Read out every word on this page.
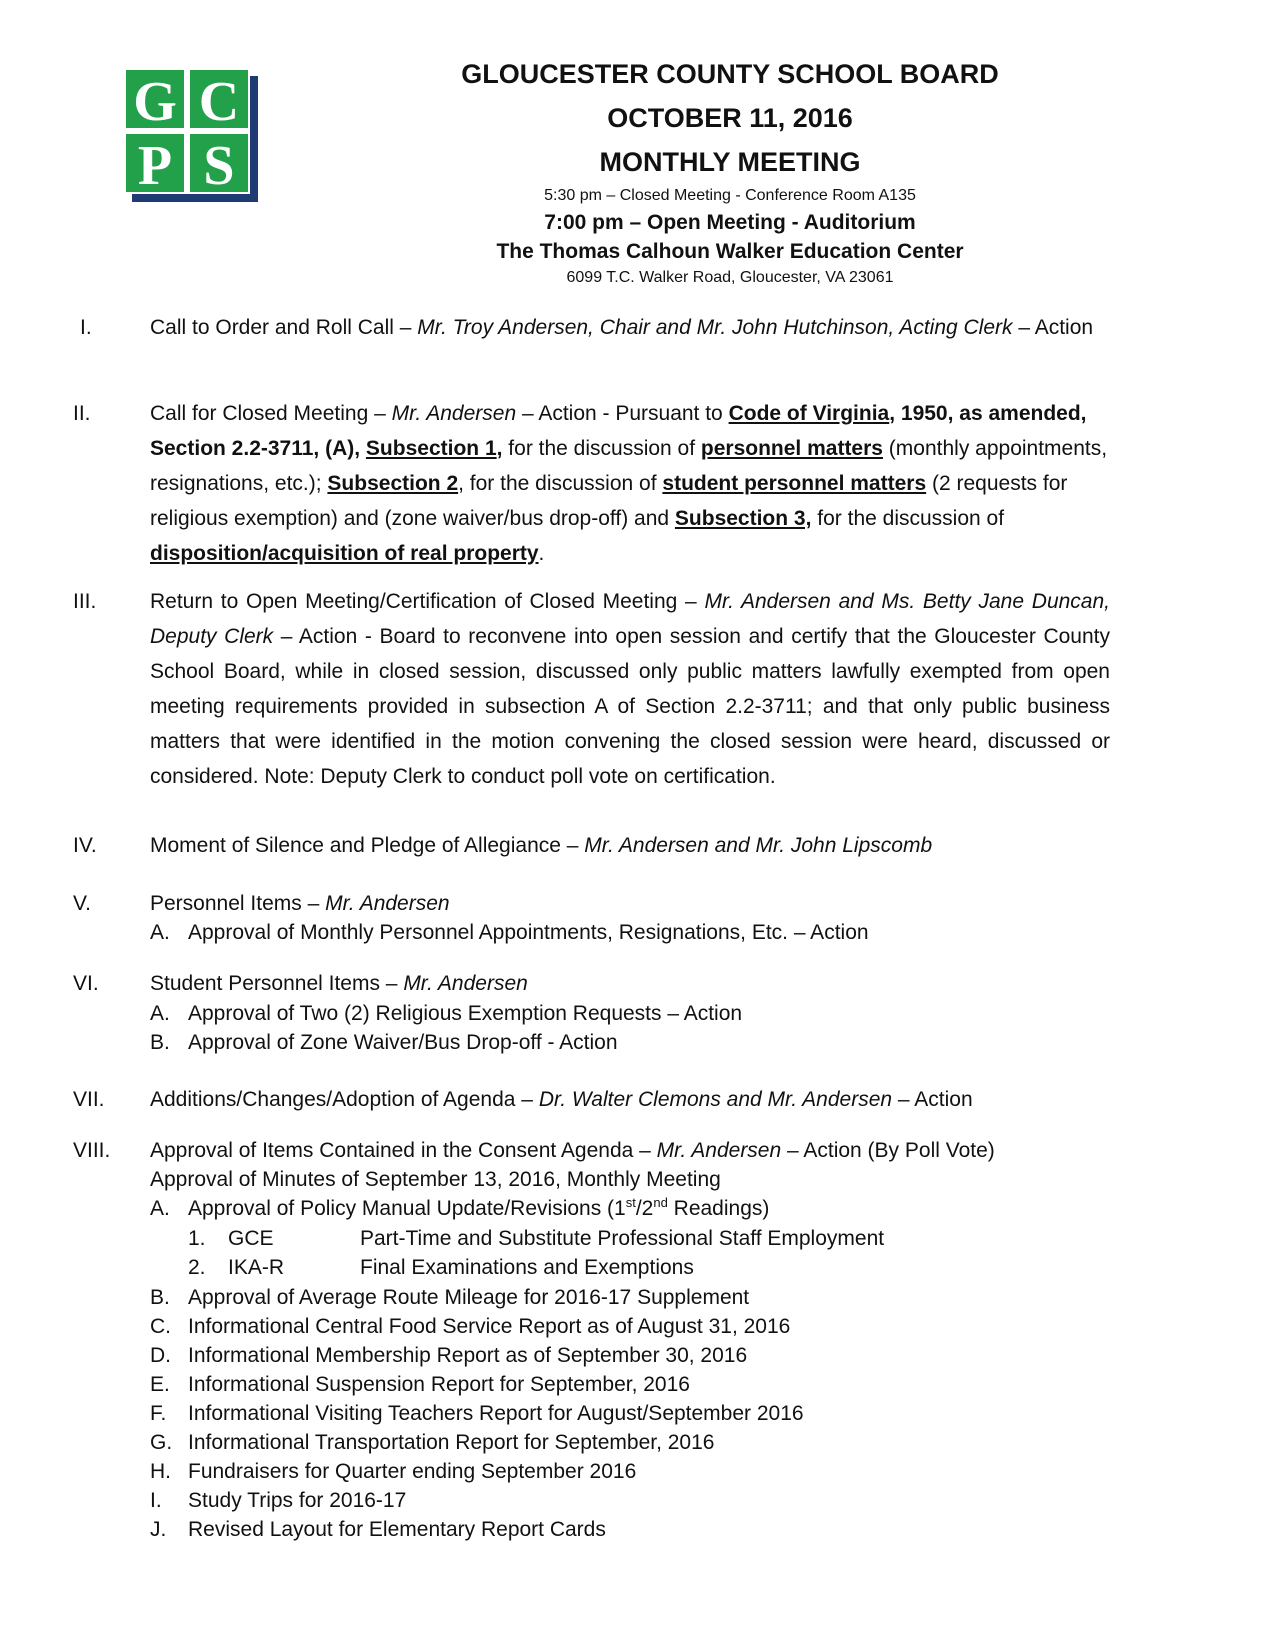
G C
P S
GLOUCESTER COUNTY SCHOOL BOARD
OCTOBER 11, 2016
MONTHLY MEETING
5:30 pm – Closed Meeting - Conference Room A135
7:00 pm – Open Meeting - Auditorium
The Thomas Calhoun Walker Education Center
6099 T.C. Walker Road, Gloucester, VA 23061
I.	Call to Order and Roll Call – Mr. Troy Andersen, Chair and Mr. John Hutchinson, Acting Clerk – Action
II.	Call for Closed Meeting – Mr. Andersen – Action - Pursuant to Code of Virginia, 1950, as amended, Section 2.2-3711, (A), Subsection 1, for the discussion of personnel matters (monthly appointments, resignations, etc.); Subsection 2, for the discussion of student personnel matters (2 requests for religious exemption) and (zone waiver/bus drop-off) and Subsection 3, for the discussion of disposition/acquisition of real property.
III.	Return to Open Meeting/Certification of Closed Meeting – Mr. Andersen and Ms. Betty Jane Duncan, Deputy Clerk – Action - Board to reconvene into open session and certify that the Gloucester County School Board, while in closed session, discussed only public matters lawfully exempted from open meeting requirements provided in subsection A of Section 2.2-3711; and that only public business matters that were identified in the motion convening the closed session were heard, discussed or considered. Note: Deputy Clerk to conduct poll vote on certification.
IV.	Moment of Silence and Pledge of Allegiance – Mr. Andersen and Mr. John Lipscomb
V.	Personnel Items – Mr. Andersen
A. Approval of Monthly Personnel Appointments, Resignations, Etc. – Action
VI. Student Personnel Items – Mr. Andersen
A. Approval of Two (2) Religious Exemption Requests – Action
B. Approval of Zone Waiver/Bus Drop-off - Action
VII. Additions/Changes/Adoption of Agenda – Dr. Walter Clemons and Mr. Andersen – Action
VIII. Approval of Items Contained in the Consent Agenda – Mr. Andersen – Action (By Poll Vote)
Approval of Minutes of September 13, 2016, Monthly Meeting
A. Approval of Policy Manual Update/Revisions (1st/2nd Readings)
1. GCE	Part-Time and Substitute Professional Staff Employment
2. IKA-R	Final Examinations and Exemptions
B. Approval of Average Route Mileage for 2016-17 Supplement
C. Informational Central Food Service Report as of August 31, 2016
D. Informational Membership Report as of September 30, 2016
E. Informational Suspension Report for September, 2016
F. Informational Visiting Teachers Report for August/September 2016
G. Informational Transportation Report for September, 2016
H. Fundraisers for Quarter ending September 2016
I. Study Trips for 2016-17
J. Revised Layout for Elementary Report Cards
